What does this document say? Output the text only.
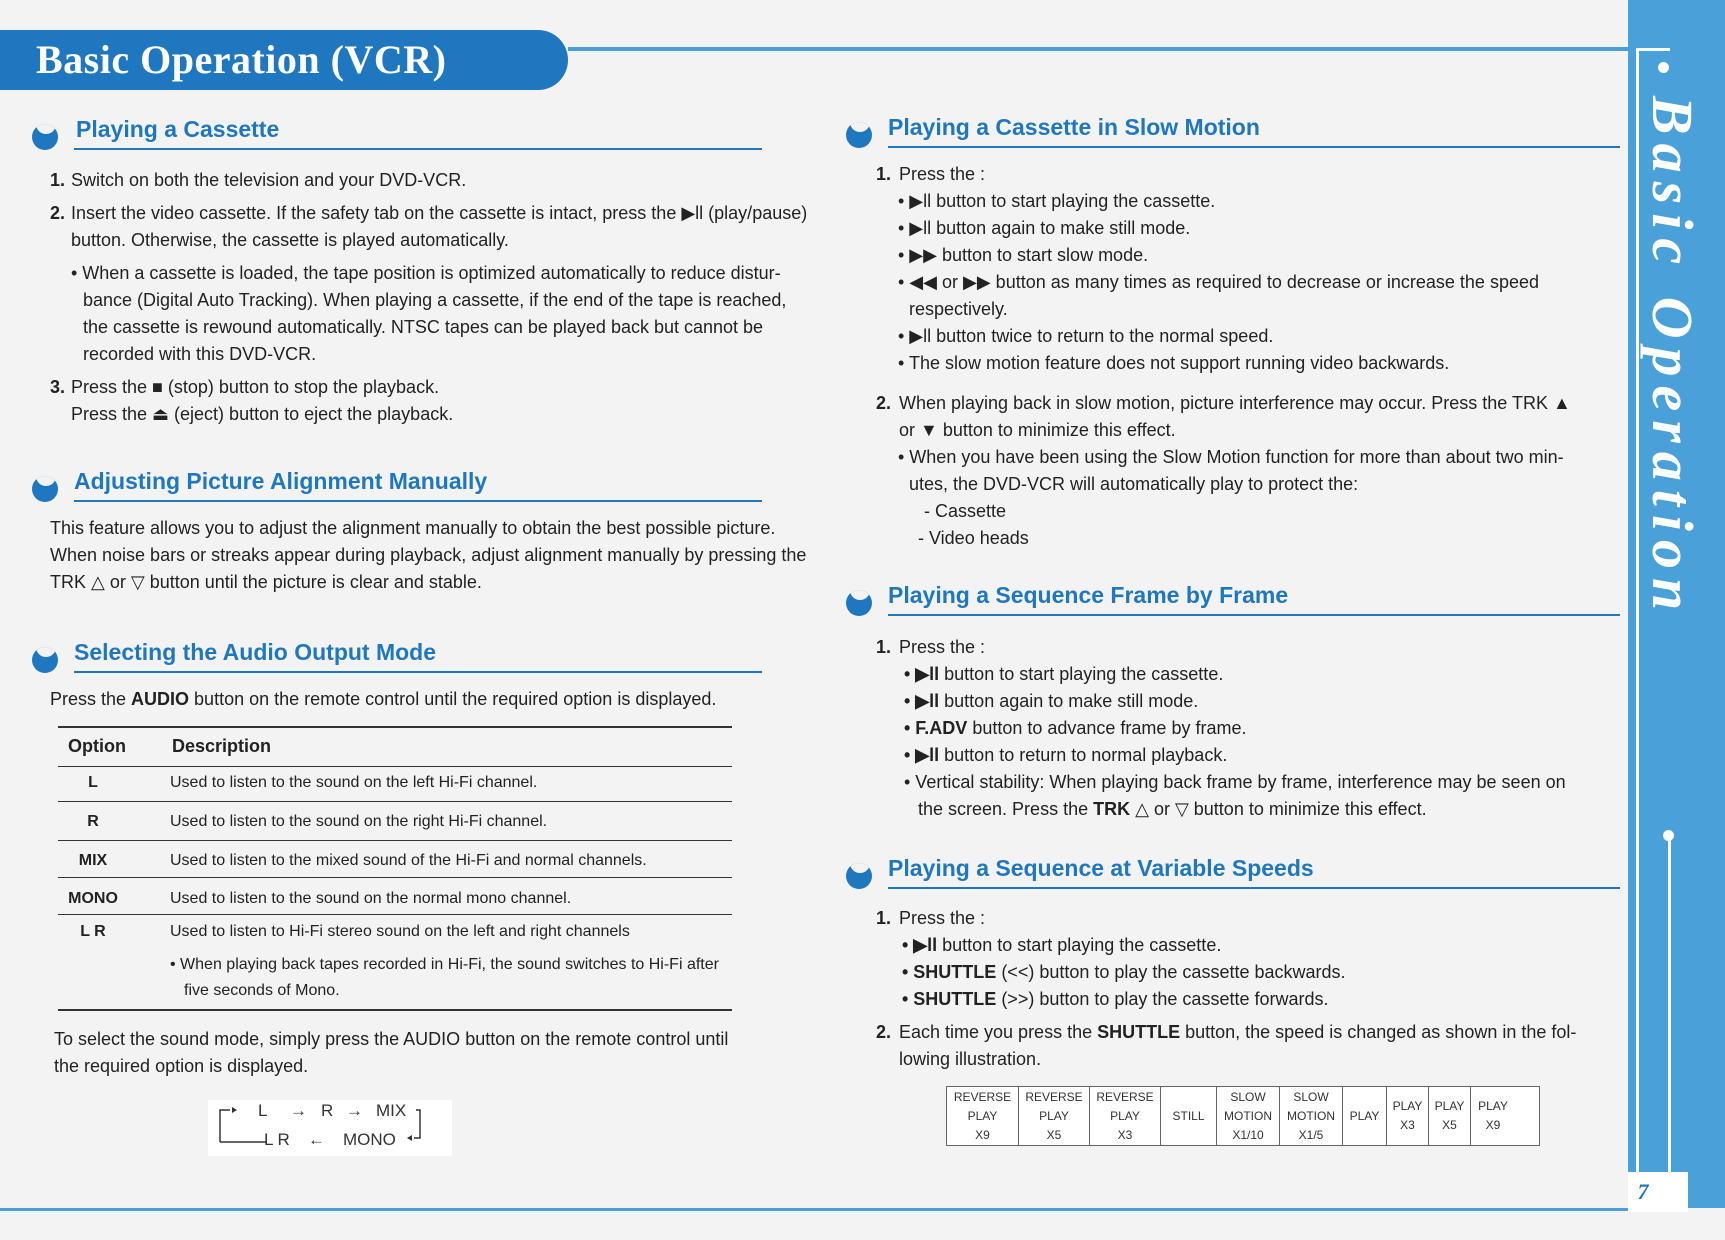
Basic Operation (VCR)
Basic Operation
7
Playing a Cassette
1. Switch on both the television and your DVD-VCR.
2. Insert the video cassette. If the safety tab on the cassette is intact, press the ▶ll (play/pause)
button. Otherwise, the cassette is played automatically.
• When a cassette is loaded, the tape position is optimized automatically to reduce distur-
bance (Digital Auto Tracking). When playing a cassette, if the end of the tape is reached,
the cassette is rewound automatically. NTSC tapes can be played back but cannot be
recorded with this DVD-VCR.
3. Press the ■ (stop) button to stop the playback.
Press the ⏏ (eject) button to eject the playback.
Adjusting Picture Alignment Manually
This feature allows you to adjust the alignment manually to obtain the best possible picture.
When noise bars or streaks appear during playback, adjust alignment manually by pressing the
TRK △ or ▽ button until the picture is clear and stable.
Selecting the Audio Output Mode
Press the AUDIO button on the remote control until the required option is displayed.
Option	Description
L	Used to listen to the sound on the left Hi-Fi channel.
R	Used to listen to the sound on the right Hi-Fi channel.
MIX	Used to listen to the mixed sound of the Hi-Fi and normal channels.
MONO	Used to listen to the sound on the normal mono channel.
L R	Used to listen to Hi-Fi stereo sound on the left and right channels
• When playing back tapes recorded in Hi-Fi, the sound switches to Hi-Fi after
five seconds of Mono.
To select the sound mode, simply press the AUDIO button on the remote control until
the required option is displayed.
L → R → MIX
L R ← MONO
Playing a Cassette in Slow Motion
1. Press the :
• ▶ll button to start playing the cassette.
• ▶ll button again to make still mode.
• ▶▶ button to start slow mode.
• ◀◀ or ▶▶ button as many times as required to decrease or increase the speed
respectively.
• ▶ll button twice to return to the normal speed.
• The slow motion feature does not support running video backwards.
2. When playing back in slow motion, picture interference may occur. Press the TRK ▲
or ▼ button to minimize this effect.
• When you have been using the Slow Motion function for more than about two min-
utes, the DVD-VCR will automatically play to protect the:
- Cassette
- Video heads
Playing a Sequence Frame by Frame
1. Press the :
• ▶ll button to start playing the cassette.
• ▶ll button again to make still mode.
• F.ADV button to advance frame by frame.
• ▶ll button to return to normal playback.
• Vertical stability: When playing back frame by frame, interference may be seen on
the screen. Press the TRK △ or ▽ button to minimize this effect.
Playing a Sequence at Variable Speeds
1. Press the :
• ▶ll button to start playing the cassette.
• SHUTTLE (<<) button to play the cassette backwards.
• SHUTTLE (>>) button to play the cassette forwards.
2. Each time you press the SHUTTLE button, the speed is changed as shown in the fol-
lowing illustration.
REVERSE
PLAY
X9
REVERSE
PLAY
X5
REVERSE
PLAY
X3
STILL
SLOW
MOTION
X1/10
SLOW
MOTION
X1/5
PLAY
PLAY
X3
PLAY
X5
PLAY
X9
